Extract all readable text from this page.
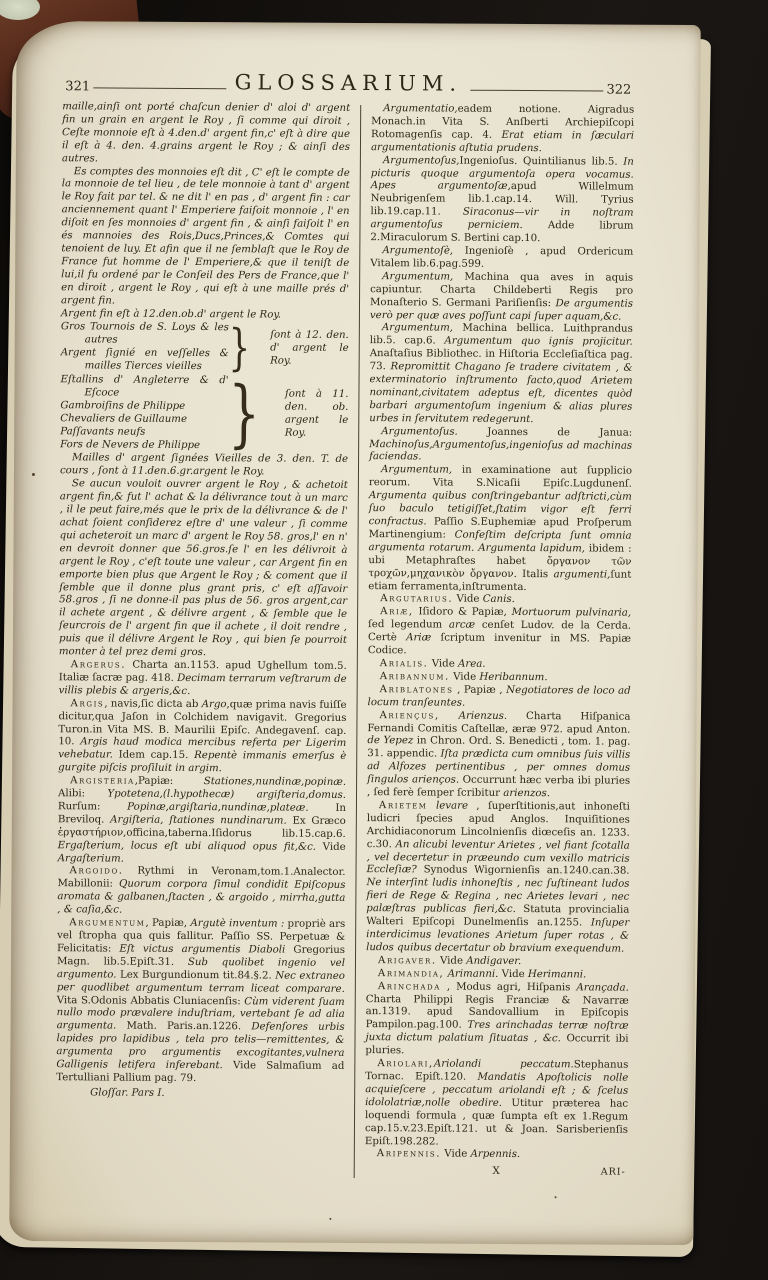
321	GLOSSARIUM.	322
maille,ainſi ont porté chaſcun denier d' aloi d' argent fin un grain en argent le Roy , ſi comme qui diroit , Ceſte monnoie eſt à 4.den.d' argent fin,c' eſt à dire que il eſt à 4. den. 4.grains argent le Roy ; & ainſi des autres.
Es comptes des monnoies eſt dit , C' eſt le compte de la monnoie de tel lieu , de tele monnoie à tant d' argent le Roy fait par tel. & ne dit l' en pas , d' argent fin : car anciennement quant l' Emperiere faiſoit monnoie , l' en diſoit en ſes monnoies d' argent fin , & ainſi faiſoit l' en és mannoies des Rois,Ducs,Princes,& Comtes qui tenoient de luy. Et afin que il ne ſemblaſt que le Roy de France fut homme de l' Emperiere,& que il teniſt de lui,il fu ordené par le Conſeil des Pers de France,que l' en diroit , argent le Roy , qui eſt à une maille prés d' argent fin.
Argent fin eſt à 12.den.ob.d' argent le Roy.
Gros Tournois de S. Loys & les autres
Argent ſignié en veſſelles & mailles Tierces vieilles }	ſont à 12. den. d' argent le Roy.
Eſtallins d' Angleterre & d' Eſcoce
Gambroiſins de Philippe
Chevaliers de Guillaume
Paſſavants neufs
Fors de Nevers de Philippe }	ſont à 11. den. ob. argent le Roy.
Mailles d' argent ſignées Vieilles de 3. den. T. de cours , ſont à 11.den.6.gr.argent le Roy.
Se aucun vouloit ouvrer argent le Roy , & achetoit argent fin,& fut l' achat & la délivrance tout à un marc , il le peut faire,més que le prix de la délivrance & de l' achat ſoient conſiderez eſtre d' une valeur , ſi comme qui acheteroit un marc d' argent le Roy 58. gros,l' en n' en devroit donner que 56.gros.ſe l' en les délivroit à argent le Roy , c'eſt toute une valeur , car Argent fin en emporte bien plus que Argent le Roy ; & coment que il ſemble que il donne plus grant pris, c' eſt aſſavoir 58.gros , ſi ne donne-il pas plus de 56. gros argent,car il achete argent , & délivre argent , & ſemble que le ſeurcrois de l' argent fin que il achete , il doit rendre , puis que il délivre Argent le Roy , qui bien ſe pourroit monter à tel prez demi gros.
Argerus. Charta an.1153. apud Ughellum tom.5. Italiæ ſacræ pag. 418. Decimam terrarum veſtrarum de villis plebis & argeris,&c.
Argis, navis,ſic dicta ab Argo,quæ prima navis fuiſſe dicitur,qua Jaſon in Colchidem navigavit. Gregorius Turon.in Vita MS. B. Maurilii Epiſc. Andegavenſ. cap. 10. Argis haud modica mercibus referta per Ligerim vehebatur. Idem cap.15. Repentè immanis emerſus è gurgite piſcis proſiluit in argim.
Argisteria,Papiæ: Stationes,nundinæ,popinæ. Alibi: Ypotetena,(l.hypothecæ) argiſteria,domus. Rurſum: Popinæ,argiſtaria,nundinæ,plateæ. In Breviloq. Argiſteria, ſtationes nundinarum. Ex Græco ἐργαστήριον,officina,taberna.Iſidorus lib.15.cap.6. Ergaſterium, locus eſt ubi aliquod opus fit,&c. Vide Argaſterium.
Argoido. Rythmi in Veronam,tom.1.Analector. Mabillonii: Quorum corpora ſimul condidit Epiſcopus aromata & galbanen,ſtacten , & argoido , mirrha,gutta , & caſia,&c.
Argumentum, Papiæ, Argutè inventum : propriè ars vel ſtropha qua quis fallitur. Paſſio SS. Perpetuæ & Felicitatis: Eſt victus argumentis Diaboli Gregorius Magn. lib.5.Epiſt.31. Sub quolibet ingenio vel argumento. Lex Burgundionum tit.84.§.2. Nec extraneo per quodlibet argumentum terram liceat comparare. Vita S.Odonis Abbatis Cluniacenſis: Cùm viderent ſuam nullo modo prævalere induſtriam, vertebant ſe ad alia argumenta. Math. Paris.an.1226. Defenſores urbis lapides pro lapidibus , tela pro telis—remittentes, & argumenta pro argumentis excogitantes,vulnera Galligenis letifera inferebant. Vide Salmaſium ad Tertulliani Pallium pag. 79.
Gloſſar. Pars I.
Argumentatio,eadem notione. Aigradus Monach.in Vita S. Anſberti Archiepiſcopi Rotomagenſis cap. 4. Erat etiam in ſæculari argumentationis aſtutia prudens.
Argumentoſus,Ingenioſus. Quintilianus lib.5. In picturis quoque argumentoſa opera vocamus. Apes argumentoſæ,apud Willelmum Neubrigenſem lib.1.cap.14. Will. Tyrius lib.19.cap.11. Siraconus—vir in noſtram argumentoſus perniciem. Adde librum 2.Miraculorum S. Bertini cap.10.
Argumentoſè, Ingenioſè , apud Ordericum Vitalem lib.6.pag.599.
Argumentum, Machina qua aves in aquis capiuntur. Charta Childeberti Regis pro Monaſterio S. Germani Pariſienſis: De argumentis verò per quæ aves poſſunt capi ſuper aquam,&c.
Argumentum, Machina bellica. Luithprandus lib.5. cap.6. Argumentum quo ignis projicitur. Anaſtaſius Bibliothec. in Hiſtoria Eccleſiaſtica pag. 73. Repromittit Chagano ſe tradere civitatem , & exterminatorio inſtrumento facto,quod Arietem nominant,civitatem adeptus eſt, dicentes quòd barbari argumentoſum ingenium & alias plures urbes in ſervitutem redegerunt.
Argumentoſus. Joannes de Janua: Machinoſus,Argumentoſus,ingenioſus ad machinas faciendas.
Argumentum, in examinatione aut ſupplicio reorum. Vita S.Nicaſii Epiſc.Lugdunenſ. Argumenta quibus conſtringebantur adſtricti,cùm ſuo baculo tetigiſſet,ſtatim vigor eſt ferri confractus. Paſſio S.Euphemiæ apud Proſperum Martinengium: Confeſtim deſcripta ſunt omnia argumenta rotarum. Argumenta lapidum, ibidem : ubi Metaphraſtes habet ὄργανον τῶν τροχῶν,μηχανικὸν ὄργανον. Italis argumenti,ſunt etiam ferramenta,inſtrumenta.
Argutarius. Vide Canis.
Ariæ, Iſidoro & Papiæ, Mortuorum pulvinaria, ſed legendum arcæ cenſet Ludov. de la Cerda. Certè Ariæ ſcriptum invenitur in MS. Papiæ Codice.
Arialis. Vide Area.
Aribannum. Vide Heribannum.
Ariblatones , Papiæ , Negotiatores de loco ad locum tranſeuntes.
Ariençus, Arienzus. Charta Hiſpanica Fernandi Comitis Caſtellæ, æræ 972. apud Anton. de Yepez in Chron. Ord. S. Benedicti , tom. 1. pag. 31. appendic. Iſta prædicta cum omnibus ſuis villis ad Alfozes pertinentibus , per omnes domus ſingulos arienços. Occurrunt hæc verba ibi pluries , ſed ferè ſemper ſcribitur arienzos.
Arietem levare , ſuperſtitionis,aut inhoneſti ludicri ſpecies apud Anglos. Inquiſitiones Archidiaconorum Lincolnienſis diœceſis an. 1233. c.30. An alicubi leventur Arietes , vel fiant ſcotalla , vel decertetur in præeundo cum vexillo matricis Eccleſiæ? Synodus Wigornienſis an.1240.can.38. Ne interſint ludis inhoneſtis , nec ſuſtineant ludos fieri de Rege & Regina , nec Arietes levari , nec palæſtras publicas fieri,&c. Statuta provincialia Walteri Epiſcopi Dunelmenſis an.1255. Inſuper interdicimus levationes Arietum ſuper rotas , & ludos quibus decertatur ob bravium exequendum.
Arigaver. Vide Andigaver.
Arimandia, Arimanni. Vide Herimanni.
Arinchada , Modus agri, Hiſpanis Arançada. Charta Philippi Regis Franciæ & Navarræ an.1319. apud Sandovallium in Epiſcopis Pampilon.pag.100. Tres arinchadas terræ noſtræ juxta dictum palatium ſituatas , &c. Occurrit ibi pluries.
Ariolari,Ariolandi peccatum.Stephanus Tornac. Epiſt.120. Mandatis Apoſtolicis nolle acquieſcere , peccatum ariolandi eſt ; & ſcelus idololatriæ,nolle obedire. Utitur præterea hac loquendi formula , quæ ſumpta eſt ex 1.Regum cap.15.v.23.Epiſt.121. ut & Joan. Sarisberienſis Epiſt.198.282.
Aripennis. Vide Arpennis.
X	ARI-
